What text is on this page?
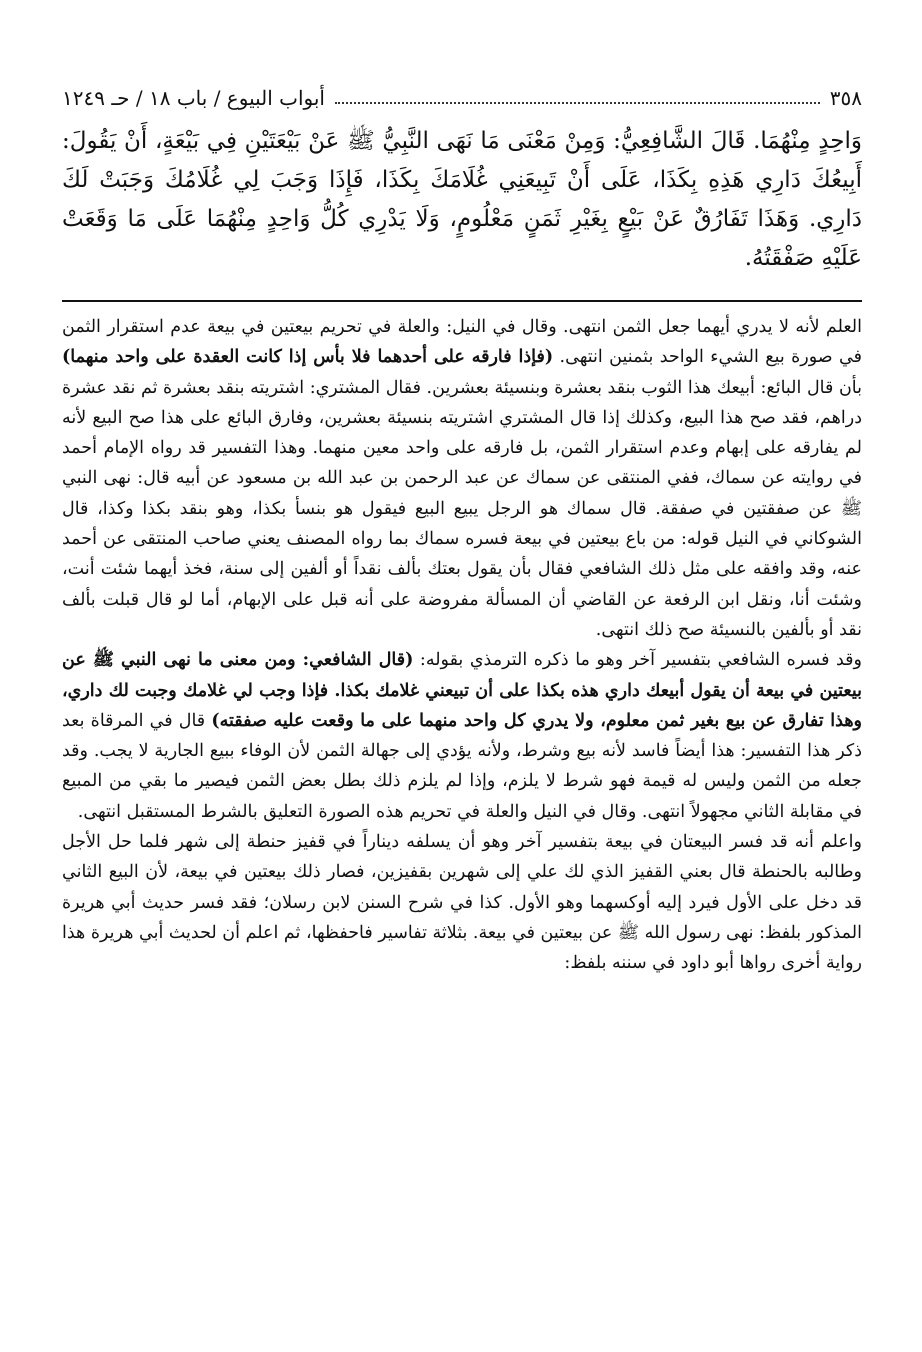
٣٥٨
أبواب البيوع / باب ١٨ / حـ ١٢٤٩
وَاحِدٍ مِنْهُمَا. قَالَ الشَّافِعِيُّ: وَمِنْ مَعْنَى مَا نَهَى النَّبِيُّ ﷺ عَنْ بَيْعَتَيْنِ فِي بَيْعَةٍ، أَنْ يَقُولَ: أَبِيعُكَ دَارِي هَذِهِ بِكَذَا، عَلَى أَنْ تَبِيعَنِي غُلَامَكَ بِكَذَا، فَإِذَا وَجَبَ لِي غُلَامُكَ وَجَبَتْ لَكَ دَارِي. وَهَذَا تَفَارُقٌ عَنْ بَيْعٍ بِغَيْرِ ثَمَنٍ مَعْلُومٍ، وَلَا يَدْرِي كُلُّ وَاحِدٍ مِنْهُمَا عَلَى مَا وَقَعَتْ عَلَيْهِ صَفْقَتُهُ.

العلم لأنه لا يدري أيهما جعل الثمن انتهى. وقال في النيل: والعلة في تحريم بيعتين في بيعة عدم استقرار الثمن في صورة بيع الشيء الواحد بثمنين انتهى. (فإذا فارقه على أحدهما فلا بأس إذا كانت العقدة على واحد منهما) بأن قال البائع: أبيعك هذا الثوب بنقد بعشرة وبنسيئة بعشرين. فقال المشتري: اشتريته بنقد بعشرة ثم نقد عشرة دراهم، فقد صح هذا البيع، وكذلك إذا قال المشتري اشتريته بنسيئة بعشرين، وفارق البائع على هذا صح البيع لأنه لم يفارقه على إبهام وعدم استقرار الثمن، بل فارقه على واحد معين منهما. وهذا التفسير قد رواه الإمام أحمد في روايته عن سماك، ففي المنتقى عن سماك عن عبد الرحمن بن عبد الله بن مسعود عن أبيه قال: نهى النبي ﷺ عن صفقتين في صفقة. قال سماك هو الرجل يبيع البيع فيقول هو بنسأ بكذا، وهو بنقد بكذا وكذا، قال الشوكاني في النيل قوله: من باع بيعتين في بيعة فسره سماك بما رواه المصنف يعني صاحب المنتقى عن أحمد عنه، وقد وافقه على مثل ذلك الشافعي فقال بأن يقول بعتك بألف نقداً أو ألفين إلى سنة، فخذ أيهما شئت أنت، وشئت أنا، ونقل ابن الرفعة عن القاضي أن المسألة مفروضة على أنه قبل على الإبهام، أما لو قال قبلت بألف نقد أو بألفين بالنسيئة صح ذلك انتهى.

وقد فسره الشافعي بتفسير آخر وهو ما ذكره الترمذي بقوله: (قال الشافعي: ومن معنى ما نهى النبي ﷺ عن بيعتين في بيعة أن يقول أبيعك داري هذه بكذا على أن تبيعني غلامك بكذا. فإذا وجب لي غلامك وجبت لك داري، وهذا تفارق عن بيع بغير ثمن معلوم، ولا يدري كل واحد منهما على ما وقعت عليه صفقته) قال في المرقاة بعد ذكر هذا التفسير: هذا أيضاً فاسد لأنه بيع وشرط، ولأنه يؤدي إلى جهالة الثمن لأن الوفاء ببيع الجارية لا يجب. وقد جعله من الثمن وليس له قيمة فهو شرط لا يلزم، وإذا لم يلزم ذلك بطل بعض الثمن فيصير ما بقي من المبيع في مقابلة الثاني مجهولاً انتهى. وقال في النيل والعلة في تحريم هذه الصورة التعليق بالشرط المستقبل انتهى.

واعلم أنه قد فسر البيعتان في بيعة بتفسير آخر وهو أن يسلفه ديناراً في قفيز حنطة إلى شهر فلما حل الأجل وطالبه بالحنطة قال بعني القفيز الذي لك علي إلى شهرين بقفيزين، فصار ذلك بيعتين في بيعة، لأن البيع الثاني قد دخل على الأول فيرد إليه أوكسهما وهو الأول. كذا في شرح السنن لابن رسلان؛ فقد فسر حديث أبي هريرة المذكور بلفظ: نهى رسول الله ﷺ عن بيعتين في بيعة. بثلاثة تفاسير فاحفظها، ثم اعلم أن لحديث أبي هريرة هذا رواية أخرى رواها أبو داود في سننه بلفظ:
